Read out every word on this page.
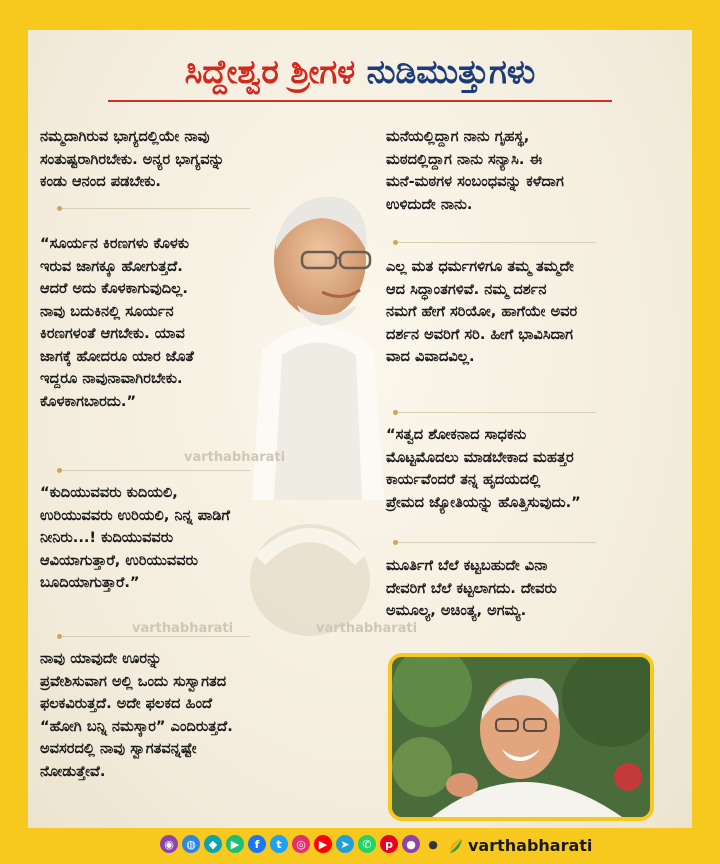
ಸಿದ್ದೇಶ್ವರ ಶ್ರೀಗಳ ನುಡಿಮುತ್ತುಗಳು
varthabharati
varthabharati	varthabharati
ನಮ್ಮದಾಗಿರುವ ಭಾಗ್ಯದಲ್ಲಿಯೇ ನಾವು
ಸಂತುಷ್ಟರಾಗಿರಬೇಕು. ಅನ್ಯರ ಭಾಗ್ಯವನ್ನು
ಕಂಡು ಆನಂದ ಪಡಬೇಕು.
“ಸೂರ್ಯನ ಕಿರಣಗಳು ಕೊಳಕು
ಇರುವ ಜಾಗಕ್ಕೂ ಹೋಗುತ್ತದೆ.
ಆದರೆ ಅದು ಕೊಳಕಾಗುವುದಿಲ್ಲ.
ನಾವು ಬದುಕಿನಲ್ಲಿ ಸೂರ್ಯನ
ಕಿರಣಗಳಂತೆ ಆಗಬೇಕು. ಯಾವ
ಜಾಗಕ್ಕೆ ಹೋದರೂ ಯಾರ ಜೊತೆ
ಇದ್ದರೂ ನಾವುನಾವಾಗಿರಬೇಕು.
ಕೊಳಕಾಗಬಾರದು.”
“ಕುದಿಯುವವರು ಕುದಿಯಲಿ,
ಉರಿಯುವವರು ಉರಿಯಲಿ, ನಿನ್ನ ಪಾಡಿಗೆ
ನೀನಿರು...! ಕುದಿಯುವವರು
ಆವಿಯಾಗುತ್ತಾರೆ, ಉರಿಯುವವರು
ಬೂದಿಯಾಗುತ್ತಾರೆ.”
ನಾವು ಯಾವುದೇ ಊರನ್ನು
ಪ್ರವೇಶಿಸುವಾಗ ಅಲ್ಲಿ ಒಂದು ಸುಸ್ವಾಗತದ
ಫಲಕವಿರುತ್ತದೆ. ಅದೇ ಫಲಕದ ಹಿಂದೆ
“ಹೋಗಿ ಬನ್ನಿ ನಮಸ್ಕಾರ” ಎಂದಿರುತ್ತದೆ.
ಅವಸರದಲ್ಲಿ ನಾವು ಸ್ವಾಗತವನ್ನಷ್ಟೇ
ನೋಡುತ್ತೇವೆ.
ಮನೆಯಲ್ಲಿದ್ದಾಗ ನಾನು ಗೃಹಸ್ಥ,
ಮಠದಲ್ಲಿದ್ದಾಗ ನಾನು ಸನ್ಯಾಸಿ. ಈ
ಮನೆ-ಮಠಗಳ ಸಂಬಂಧವನ್ನು ಕಳೆದಾಗ
ಉಳಿದುದೇ ನಾನು.
ಎಲ್ಲ ಮತ ಧರ್ಮಗಳಿಗೂ ತಮ್ಮ ತಮ್ಮದೇ
ಆದ ಸಿದ್ಧಾಂತಗಳಿವೆ. ನಮ್ಮ ದರ್ಶನ
ನಮಗೆ ಹೇಗೆ ಸರಿಯೋ, ಹಾಗೆಯೇ ಅವರ
ದರ್ಶನ ಅವರಿಗೆ ಸರಿ. ಹೀಗೆ ಭಾವಿಸಿದಾಗ
ವಾದ ವಿವಾದವಿಲ್ಲ.
“ಸತ್ವದ ಶೋಕನಾದ ಸಾಧಕನು
ಮೊಟ್ಟಮೊದಲು ಮಾಡಬೇಕಾದ ಮಹತ್ತರ
ಕಾರ್ಯವೆಂದರೆ ತನ್ನ ಹೃದಯದಲ್ಲಿ
ಪ್ರೇಮದ ಜ್ಯೋತಿಯನ್ನು ಹೊತ್ತಿಸುವುದು.”
ಮೂರ್ತಿಗೆ ಬೆಲೆ ಕಟ್ಟಬಹುದೇ ವಿನಾ
ದೇವರಿಗೆ ಬೆಲೆ ಕಟ್ಟಲಾಗದು. ದೇವರು
ಅಮೂಲ್ಯ, ಅಚಿಂತ್ಯ, ಅಗಮ್ಯ.
◉	◍	◆	▶	f	t	◎	▶	➤	✆	p	●	● varthabharati
